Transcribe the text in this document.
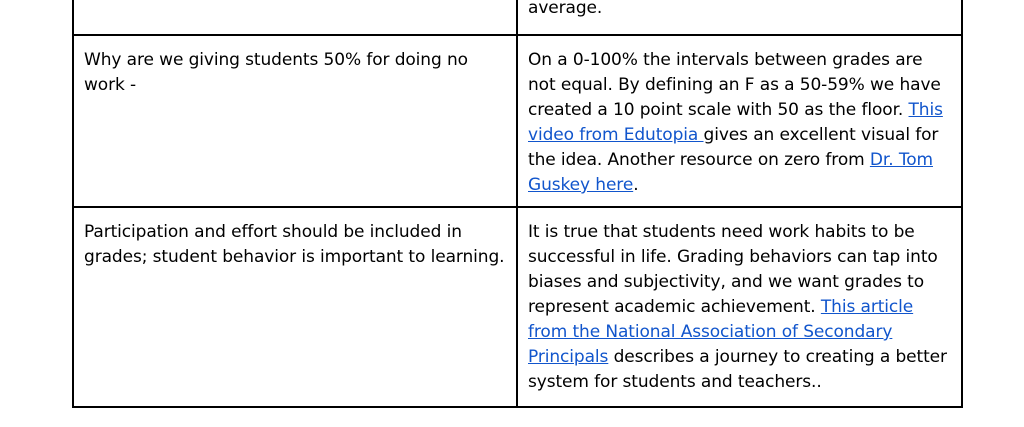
	average.
Why are we giving students 50% for doing no work -	On a 0-100% the intervals between grades are not equal. By defining an F as a 50-59% we have created a 10 point scale with 50 as the floor. This video from Edutopia gives an excellent visual for the idea. Another resource on zero from Dr. Tom Guskey here.
Participation and effort should be included in grades; student behavior is important to learning.	It is true that students need work habits to be successful in life. Grading behaviors can tap into biases and subjectivity, and we want grades to represent academic achievement. This article from the National Association of Secondary Principals describes a journey to creating a better system for students and teachers..
